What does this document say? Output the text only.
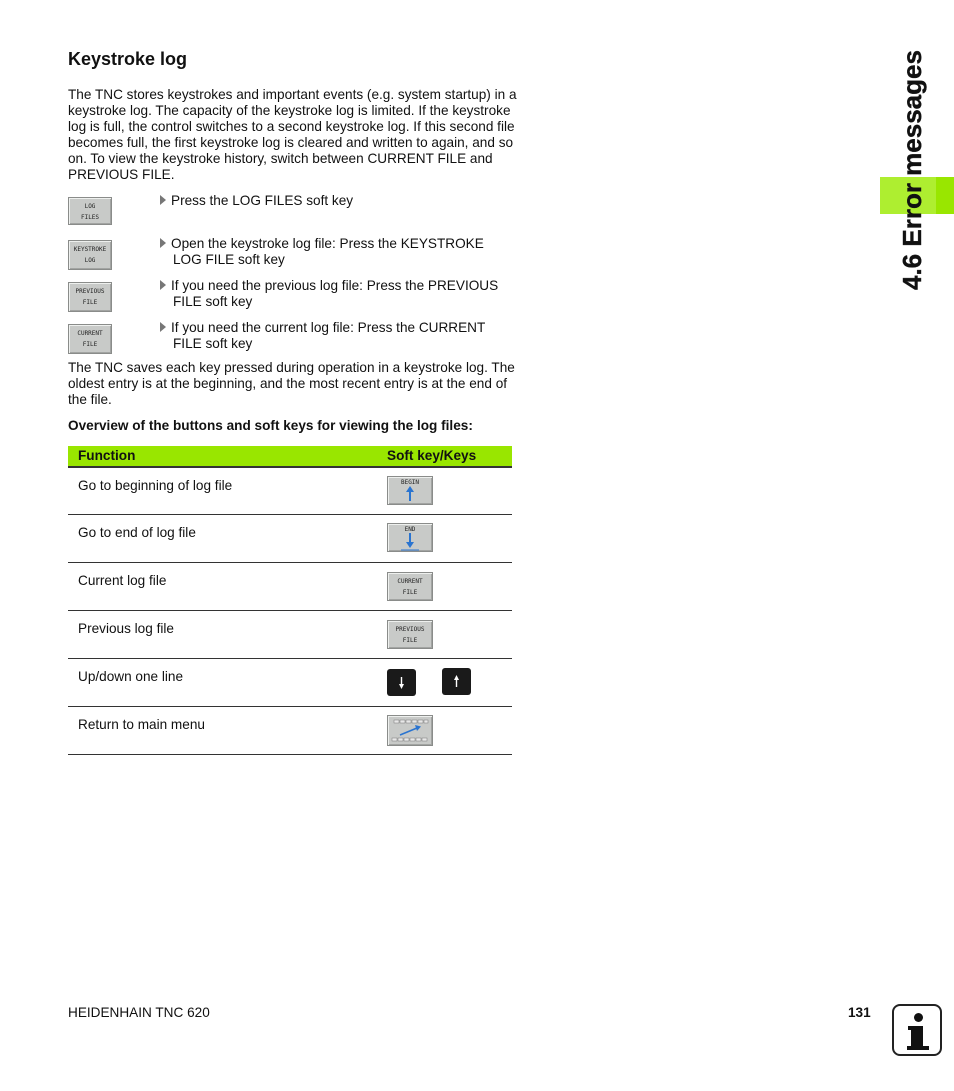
Keystroke log
The TNC stores keystrokes and important events (e.g. system startup) in a keystroke log. The capacity of the keystroke log is limited. If the keystroke log is full, the control switches to a second keystroke log. If this second file becomes full, the first keystroke log is cleared and written to again, and so on. To view the keystroke history, switch between CURRENT FILE and PREVIOUS FILE.
LOG
FILES
Press the LOG FILES soft key
KEYSTROKE
LOG
Open the keystroke log file: Press the KEYSTROKE
LOG FILE soft key
PREVIOUS
FILE
If you need the previous log file: Press the PREVIOUS
FILE soft key
CURRENT
FILE
If you need the current log file: Press the CURRENT
FILE soft key
The TNC saves each key pressed during operation in a keystroke log. The oldest entry is at the beginning, and the most recent entry is at the end of the file.
Overview of the buttons and soft keys for viewing the log files:
Function	Soft key/Keys
Go to beginning of log file	BEGIN
Go to end of log file	END
Current log file	CURRENT
FILE
Previous log file	PREVIOUS
FILE
Up/down one line
Return to main menu
4.6 Error messages
HEIDENHAIN TNC 620	131
